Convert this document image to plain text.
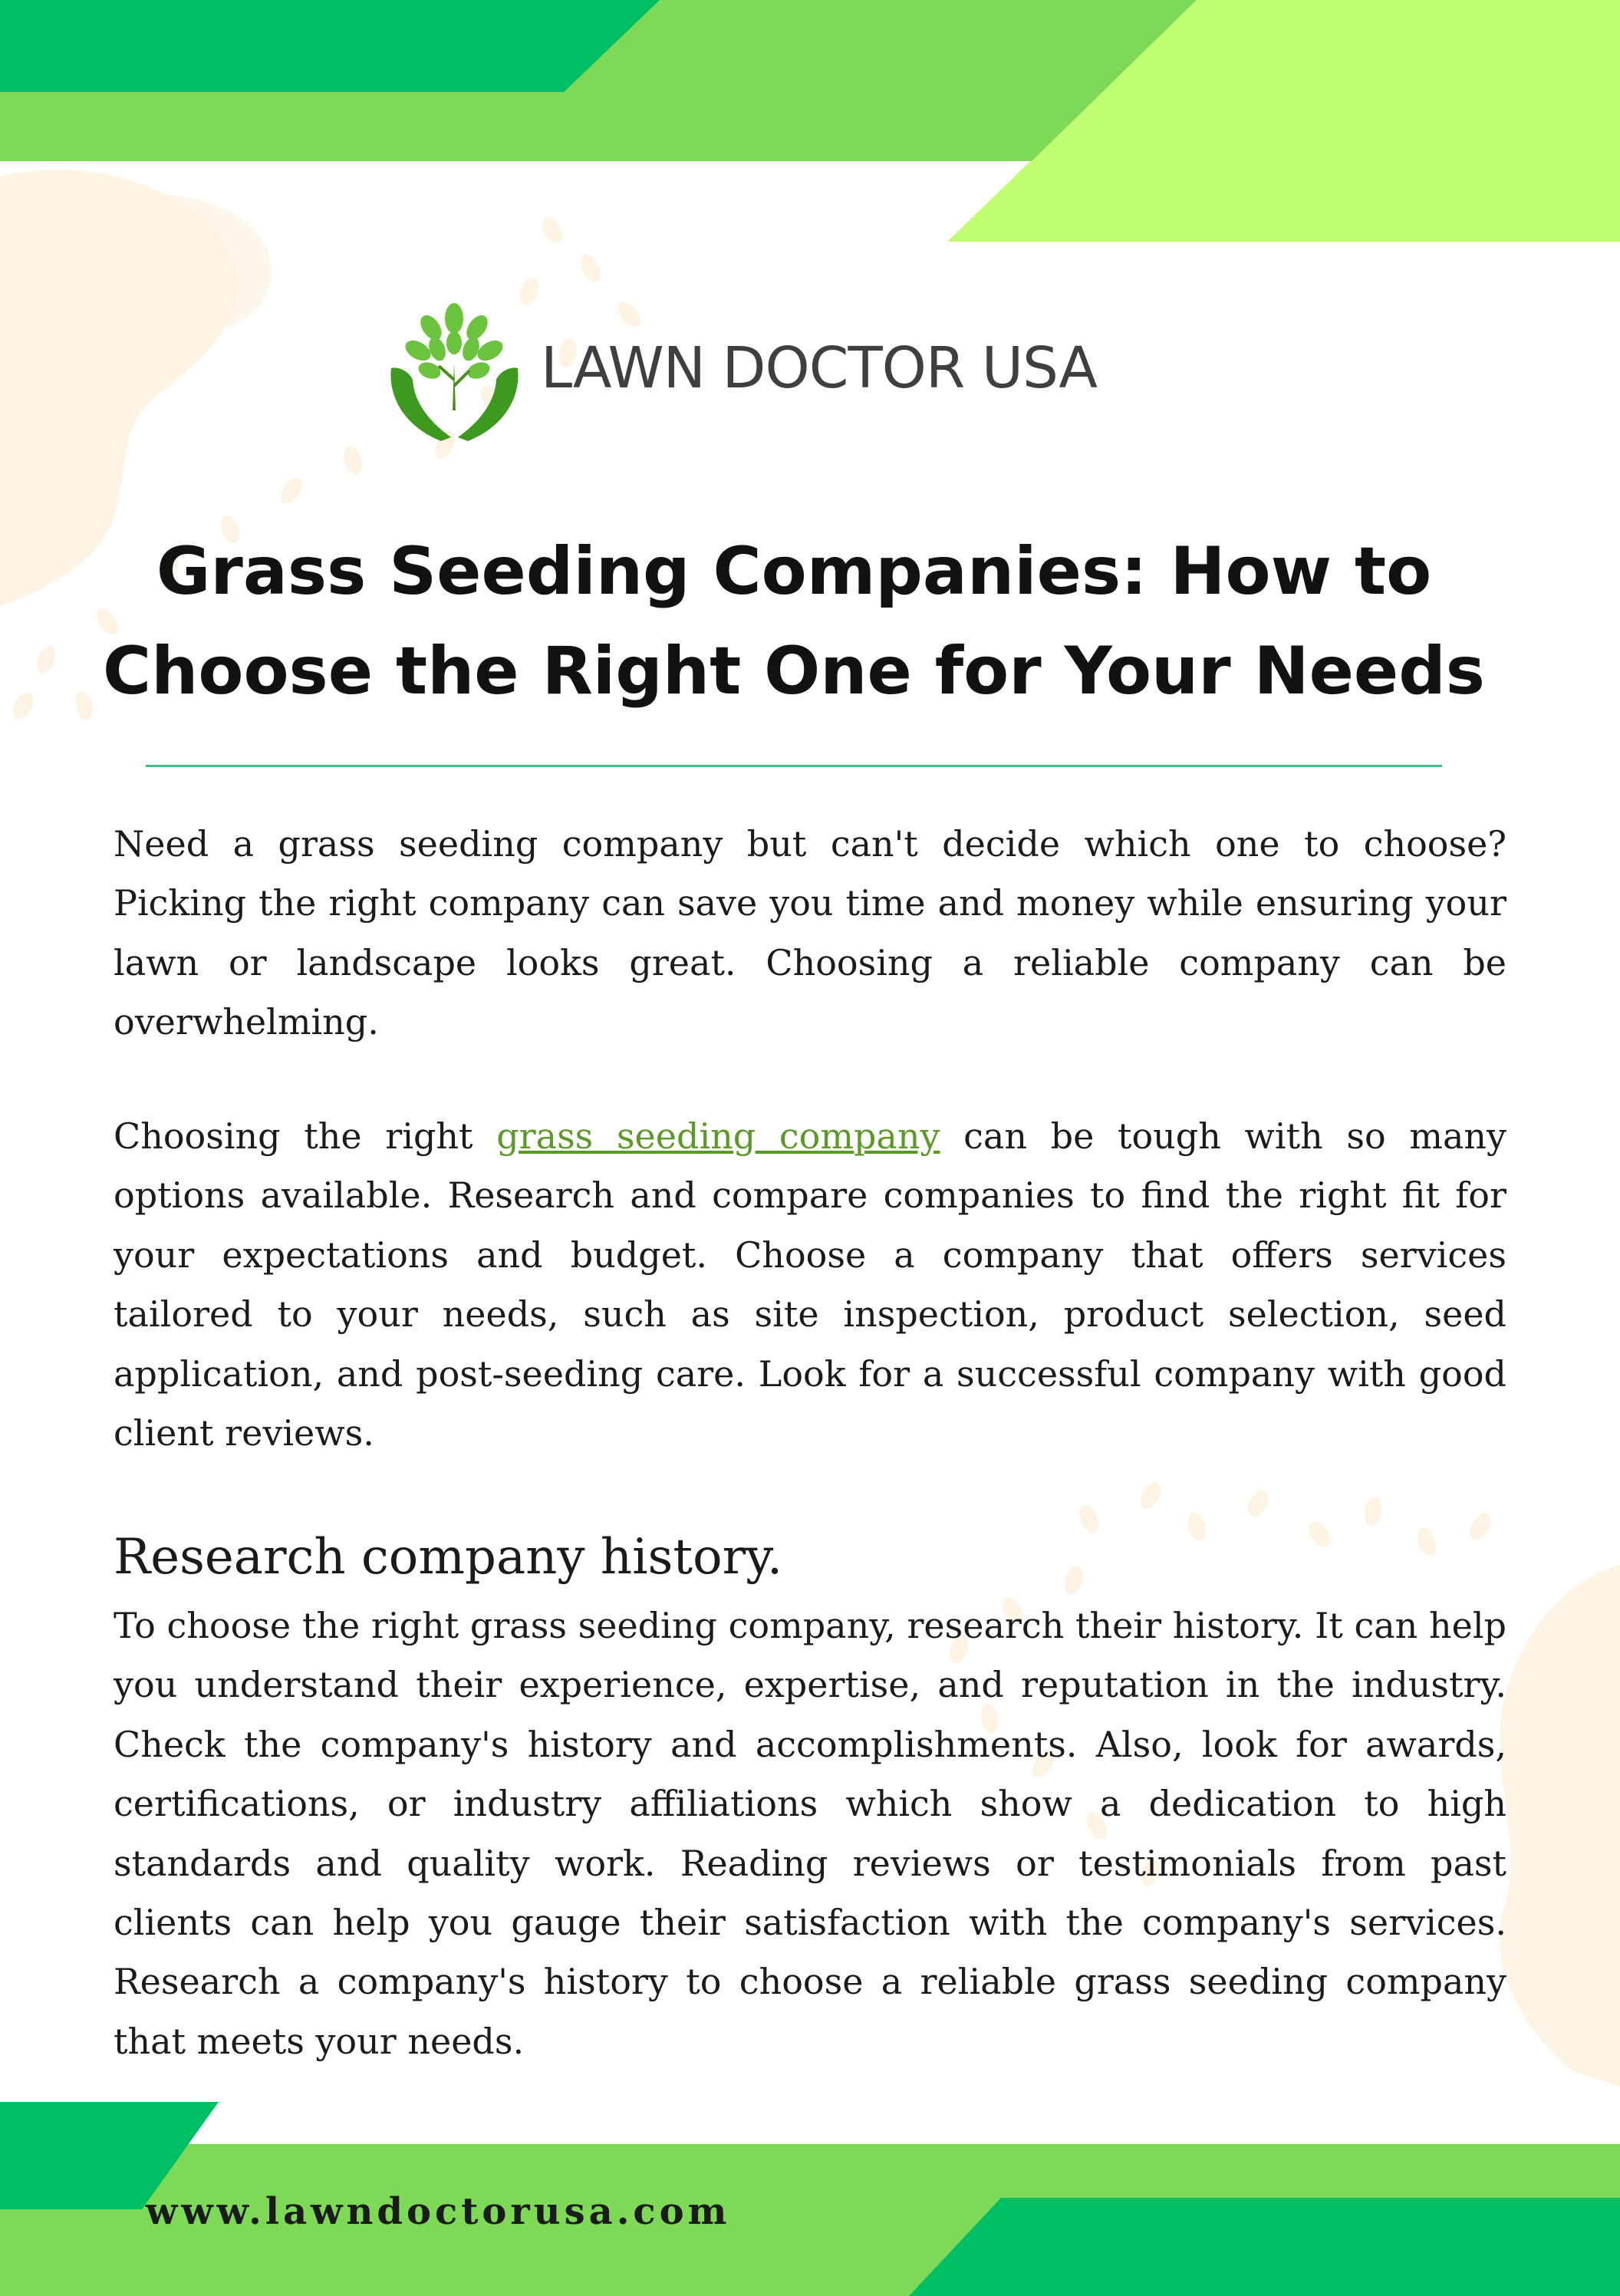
LAWN DOCTOR USA
Grass Seeding Companies: How to
Choose the Right One for Your Needs

Need a grass seeding company but can't decide which one to choose? Picking the right company can save you time and money while ensuring your lawn or landscape looks great. Choosing a reliable company can be overwhelming.

Choosing the right grass seeding company can be tough with so many options available. Research and compare companies to find the right fit for your expectations and budget. Choose a company that offers services tailored to your needs, such as site inspection, product selection, seed application, and post-seeding care. Look for a successful company with good client reviews.

Research company history.

To choose the right grass seeding company, research their history. It can help you understand their experience, expertise, and reputation in the industry. Check the company's history and accomplishments. Also, look for awards, certifications, or industry affiliations which show a dedication to high standards and quality work. Reading reviews or testimonials from past clients can help you gauge their satisfaction with the company's services. Research a company's history to choose a reliable grass seeding company that meets your needs.

www.lawndoctorusa.com
